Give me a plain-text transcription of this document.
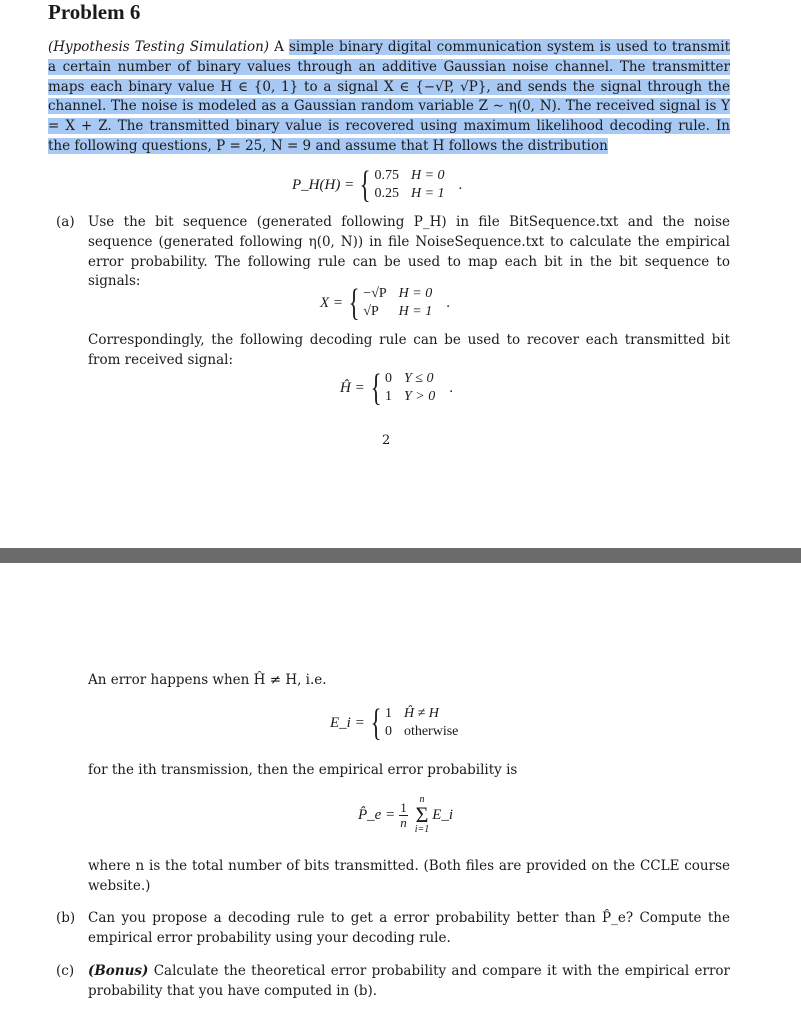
Problem 6
(Hypothesis Testing Simulation) A simple binary digital communication system is used to transmit a certain number of binary values through an additive Gaussian noise channel. The transmitter maps each binary value H ∈ {0, 1} to a signal X ∈ {−√P, √P}, and sends the signal through the channel. The noise is modeled as a Gaussian random variable Z ∼ η(0, N). The received signal is Y = X + Z. The transmitted binary value is recovered using maximum likelihood decoding rule. In the following questions, P = 25, N = 9 and assume that H follows the distribution
P_H(H) = { 0.75 H = 0
0.25 H = 1
.
(a) Use the bit sequence (generated following P_H) in file BitSequence.txt and the noise sequence (generated following η(0, N)) in file NoiseSequence.txt to calculate the empirical error probability. The following rule can be used to map each bit in the bit sequence to signals:
X = { −√P H = 0
√P	H = 1
.
Correspondingly, the following decoding rule can be used to recover each transmitted bit from received signal:
Ĥ = { 0 Y ≤ 0
1 Y > 0
.
2
An error happens when Ĥ ≠ H, i.e.
E_i = { 1 Ĥ ≠ H
0 otherwise
for the ith transmission, then the empirical error probability is
P̂_e = $\frac{1}{n}$
n
Σ
i=1
E_i
where n is the total number of bits transmitted. (Both files are provided on the CCLE course website.)
(b) Can you propose a decoding rule to get a error probability better than P̂_e? Compute the empirical error probability using your decoding rule.
(c) (Bonus) Calculate the theoretical error probability and compare it with the empirical error probability that you have computed in (b).
